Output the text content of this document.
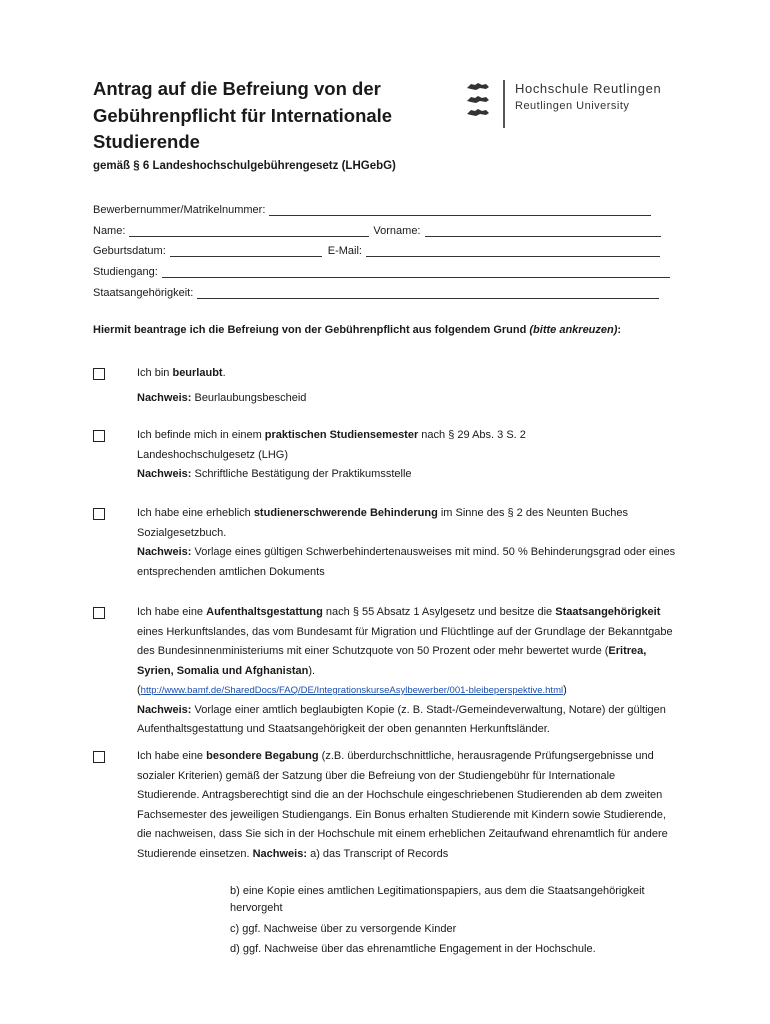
Antrag auf die Befreiung von der Gebührenpflicht für Internationale Studierende
gemäß § 6 Landeshochschulgebührengesetz (LHGebG)
Hochschule Reutlingen
Reutlingen University
Bewerbernummer/Matrikelnummer:
Name:	Vorname:
Geburtsdatum:	E-Mail:
Studiengang:
Staatsangehörigkeit:
Hiermit beantrage ich die Befreiung von der Gebührenpflicht aus folgendem Grund (bitte ankreuzen):
Ich bin beurlaubt.
Nachweis: Beurlaubungsbescheid
Ich befinde mich in einem praktischen Studiensemester nach § 29 Abs. 3 S. 2 Landeshochschulgesetz (LHG)
Nachweis: Schriftliche Bestätigung der Praktikumsstelle
Ich habe eine erheblich studienerschwerende Behinderung im Sinne des § 2 des Neunten Buches Sozialgesetzbuch.
Nachweis: Vorlage eines gültigen Schwerbehindertenausweises mit mind. 50 % Behinderungsgrad oder eines entsprechenden amtlichen Dokuments
Ich habe eine Aufenthaltsgestattung nach § 55 Absatz 1 Asylgesetz und besitze die Staatsangehörigkeit eines Herkunftslandes, das vom Bundesamt für Migration und Flüchtlinge auf der Grundlage der Bekanntgabe des Bundesinnenministeriums mit einer Schutzquote von 50 Prozent oder mehr bewertet wurde (Eritrea, Syrien, Somalia und Afghanistan).
(http://www.bamf.de/SharedDocs/FAQ/DE/IntegrationskurseAsylbewerber/001-bleibeperspektive.html)
Nachweis: Vorlage einer amtlich beglaubigten Kopie (z. B. Stadt-/Gemeindeverwaltung, Notare) der gültigen Aufenthaltsgestattung und Staatsangehörigkeit der oben genannten Herkunftsländer.
Ich habe eine besondere Begabung (z.B. überdurchschnittliche, herausragende Prüfungsergebnisse und sozialer Kriterien) gemäß der Satzung über die Befreiung von der Studiengebühr für Internationale Studierende. Antragsberechtigt sind die an der Hochschule eingeschriebenen Studierenden ab dem zweiten Fachsemester des jeweiligen Studiengangs. Ein Bonus erhalten Studierende mit Kindern sowie Studierende, die nachweisen, dass Sie sich in der Hochschule mit einem erheblichen Zeitaufwand ehrenamtlich für andere Studierende einsetzen. Nachweis: a) das Transcript of Records
b) eine Kopie eines amtlichen Legitimationspapiers, aus dem die Staatsangehörigkeit hervorgeht
c) ggf. Nachweise über zu versorgende Kinder
d) ggf. Nachweise über das ehrenamtliche Engagement in der Hochschule.
